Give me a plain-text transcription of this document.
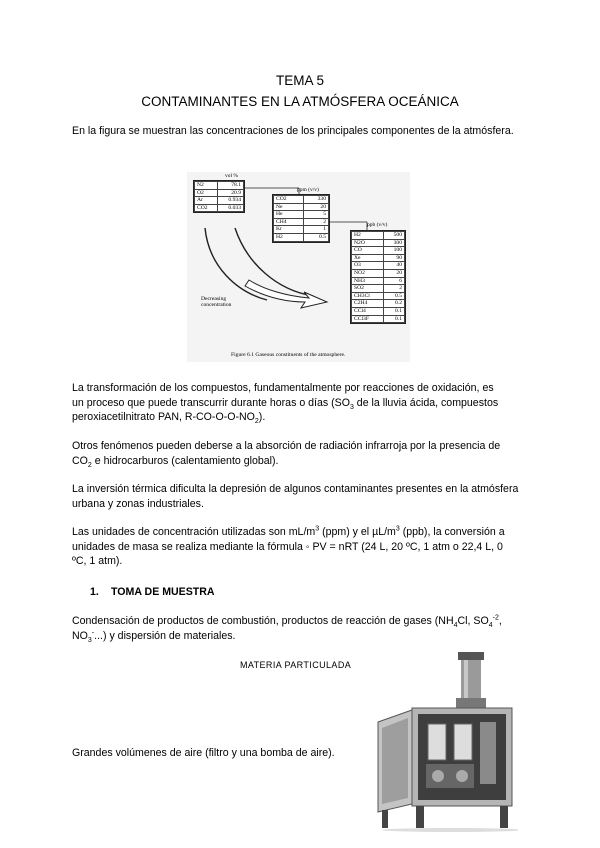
TEMA 5
CONTAMINANTES EN LA ATMÓSFERA OCEÁNICA
En la figura se muestran las concentraciones de los principales componentes de la atmósfera.
vol %
N2	78.1
O2	20.9
Ar	0.934
CO2	0.033
ppm (v/v)
CO2	330
Ne	20
He	5
CH4	2
Kr	1
H2	0.5
ppb (v/v)
H2	500
N2O	300
CO	100
Xe	90
O3	40
NO2	20
NH3	6
SO2	2
CH3Cl	0.5
C2H4	0.2
CCl4	0.1
CCl3F	0.1
Decreasing concentration
Figure 6.1 Gaseous constituents of the atmosphere.
La transformación de los compuestos, fundamentalmente por reacciones de oxidación, es
un proceso que puede transcurrir durante horas o días ($SO_3$ de la lluvia ácida, compuestos
peroxiacetilnitrato PAN, $R-CO-O-O-NO_2$).
Otros fenómenos pueden deberse a la absorción de radiación infrarroja por la presencia de
$CO_2$ e hidrocarburos (calentamiento global).
La inversión térmica dificulta la depresión de algunos contaminantes presentes en la atmósfera urbana y zonas industriales.
Las unidades de concentración utilizadas son $mL/m^3$ (ppm) y el $\mu L/m^3$ (ppb), la conversión a
unidades de masa se realiza mediante la fórmula ◦ PV = nRT (24 L, 20 ºC, 1 atm o 22,4 L, 0
ºC, 1 atm).
1. TOMA DE MUESTRA
Condensación de productos de combustión, productos de reacción de gases ($NH_4Cl$, $SO_4^{-2}$,
$NO_3^-$...) y dispersión de materiales.
MATERIA PARTICULADA
Grandes volúmenes de aire (filtro y una bomba de aire).
